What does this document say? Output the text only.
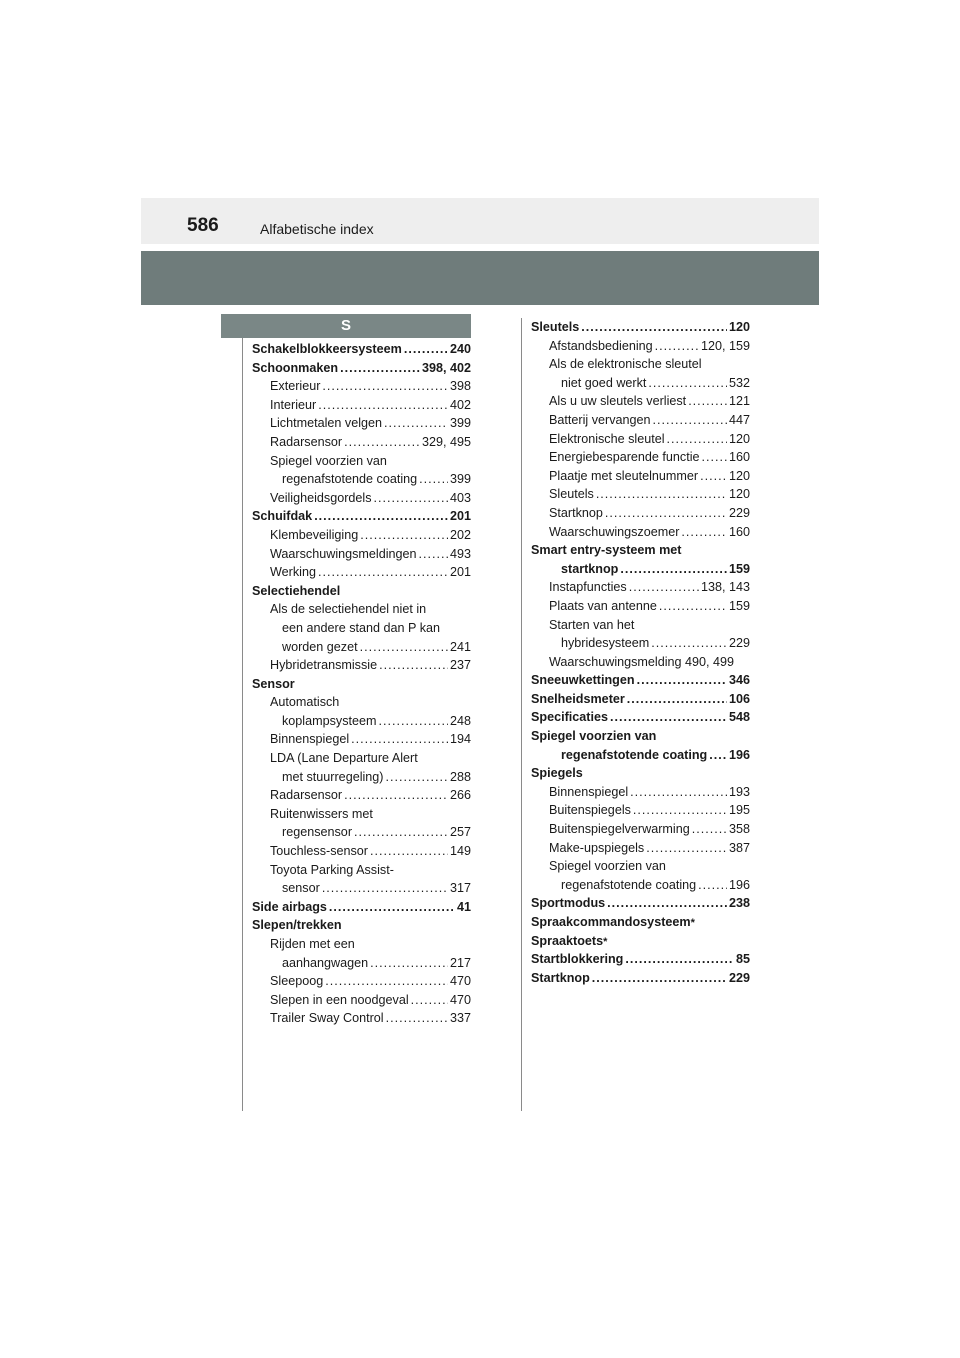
586	Alfabetische index
S
Schakelblokkeersysteem .....	240
Schoonmaken .....	398, 402
Exterieur .....	398
Interieur .....	402
Lichtmetalen velgen .....	399
Radarsensor .....	329, 495
Spiegel voorzien van
regenafstotende coating .....	399
Veiligheidsgordels .....	403
Schuifdak .....	201
Klembeveiliging .....	202
Waarschuwingsmeldingen .....	493
Werking .....	201
Selectiehendel
Als de selectiehendel niet in
een andere stand dan P kan
worden gezet .....	241
Hybridetransmissie .....	237
Sensor
Automatisch
koplampsysteem .....	248
Binnenspiegel .....	194
LDA (Lane Departure Alert
met stuurregeling) .....	288
Radarsensor .....	266
Ruitenwissers met
regensensor .....	257
Touchless-sensor .....	149
Toyota Parking Assist-
sensor .....	317
Side airbags .....	41
Slepen/trekken
Rijden met een
aanhangwagen .....	217
Sleepoog .....	470
Slepen in een noodgeval .....	470
Trailer Sway Control .....	337
Sleutels .....	120
Afstandsbediening .....	120, 159
Als de elektronische sleutel
niet goed werkt .....	532
Als u uw sleutels verliest .....	121
Batterij vervangen .....	447
Elektronische sleutel .....	120
Energiebesparende functie ..... 160
Plaatje met sleutelnummer ..... 120
Sleutels .....	120
Startknop .....	229
Waarschuwingszoemer .....	160
Smart entry-systeem met
startknop .....	159
Instapfuncties .....	138, 143
Plaats van antenne .....	159
Starten van het
hybridesysteem .....	229
Waarschuwingsmelding 490, 499
Sneeuwkettingen .....	346
Snelheidsmeter .....	106
Specificaties .....	548
Spiegel voorzien van
regenafstotende coating ..... 196
Spiegels
Binnenspiegel .....	193
Buitenspiegels .....	195
Buitenspiegelverwarming .....	358
Make-upspiegels .....	387
Spiegel voorzien van
regenafstotende coating .....	196
Sportmodus .....	238
Spraakcommandosysteem *
Spraaktoets *
Startblokkering .....	85
Startknop .....	229
